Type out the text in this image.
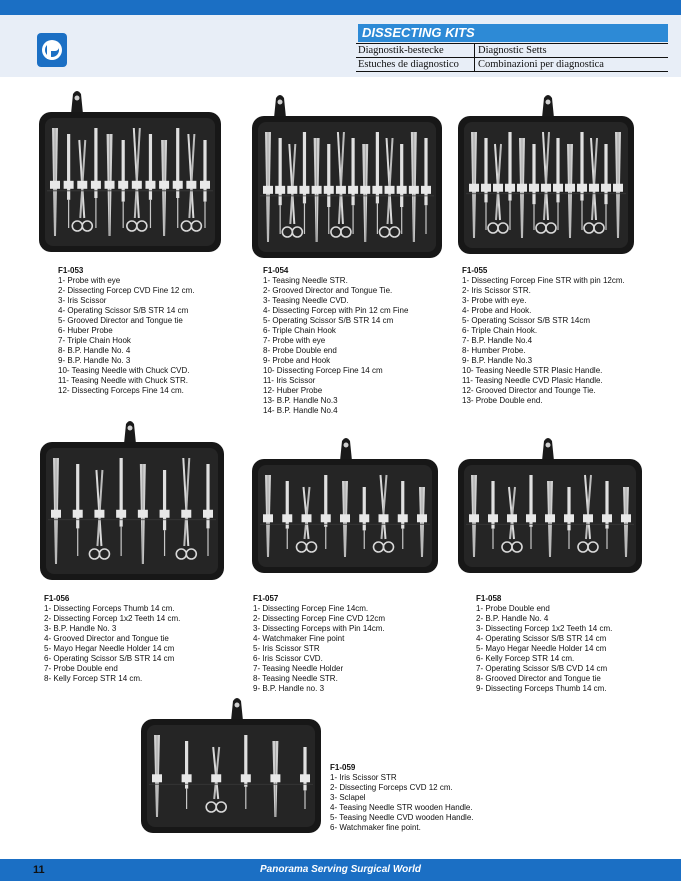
DISSECTING KITS
Diagnostik-bestecke	Diagnostic Setts
Estuches de diagnostico Combinazioni per diagnostica
F1-053
1- Probe with eye
2- Dissecting Forcep CVD Fine 12 cm.
3- Iris Scissor
4- Operating Scissor S/B STR 14 cm
5- Grooved Director and Tongue tie
6- Huber Probe
7- Triple Chain Hook
8- B.P. Handle No. 4
9- B.P. Handle No. 3
10- Teasing Needle with Chuck CVD.
11- Teasing Needle with Chuck STR.
12- Dissecting Forceps Fine 14 cm.
F1-054
1- Teasing Needle STR.
2- Grooved Director and Tongue Tie.
3- Teasing Needle CVD.
4- Dissecting Forcep with Pin 12 cm Fine
5- Operating Scissor S/B STR 14 cm
6- Triple Chain Hook
7- Probe with eye
8- Probe Double end
9- Probe and Hook
10- Dissecting Forcep Fine 14 cm
11- Iris Scissor
12- Huber Probe
13- B.P. Handle No.3
14- B.P. Handle No.4
F1-055
1- Dissecting Forcep Fine STR with pin 12cm.
2- Iris Scissor STR.
3- Probe with eye.
4- Probe and Hook.
5- Operating Scissor S/B STR 14cm
6- Triple Chain Hook.
7- B.P. Handle No.4
8- Humber Probe.
9- B.P. Handle No.3
10- Teasing Needle STR Plasic Handle.
11- Teasing Needle CVD Plasic Handle.
12- Grooved Director and Tounge Tie.
13- Probe Double end.
F1-056
1- Dissecting Forceps Thumb 14 cm.
2- Dissecting Forcep 1x2 Teeth 14 cm.
3- B.P. Handle No. 3
4- Grooved Director and Tongue tie
5- Mayo Hegar Needle Holder 14 cm
6- Operating Scissor S/B STR 14 cm
7- Probe Double end
8- Kelly Forcep STR 14 cm.
F1-057
1- Dissecting Forcep Fine 14cm.
2- Dissecting Forcep Fine CVD 12cm
3- Dissecting Forceps with Pin 14cm.
4- Watchmaker Fine point
5- Iris Scissor STR
6- Iris Scissor CVD.
7- Teasing Needle Holder
8- Teasing Needle STR.
9- B.P. Handle no. 3
F1-058
1- Probe Double end
2- B.P. Handle No. 4
3- Dissecting Forcep 1x2 Teeth 14 cm.
4- Operating Scissor S/B STR 14 cm
5- Mayo Hegar Needle Holder 14 cm
6- Kelly Forcep STR 14 cm.
7- Operating Scissor S/B CVD 14 cm
8- Grooved Director and Tongue tie
9- Dissecting Forceps Thumb 14 cm.
F1-059
1- Iris Scissor STR
2- Dissecting Forceps CVD 12 cm.
3- Sclapel
4- Teasing Needle STR wooden Handle.
5- Teasing Needle CVD wooden Handle.
6- Watchmaker fine point.
11	Panorama Serving Surgical World
